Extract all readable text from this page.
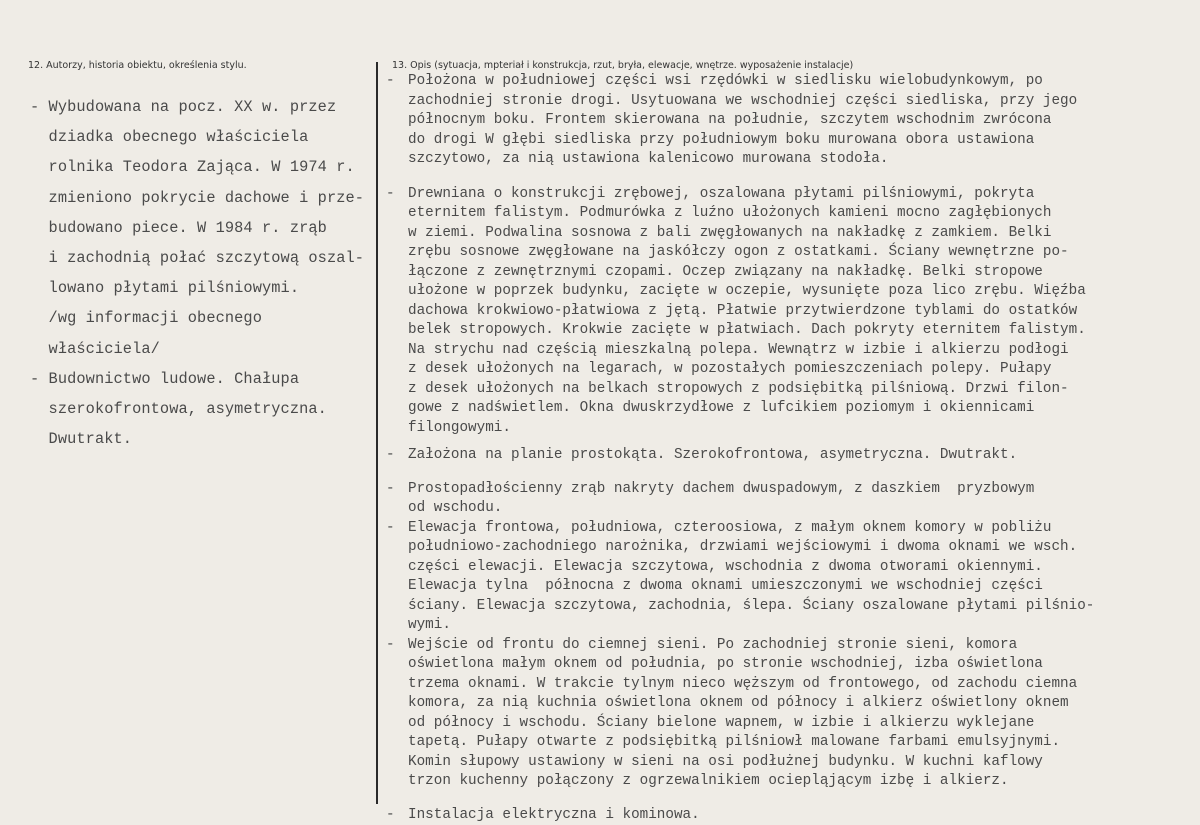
12. Autorzy, historia obiektu, określenia stylu.	13. Opis (sytuacja, mpteriał i konstrukcja, rzut, bryła, elewacje, wnętrze. wyposażenie instalacje)

- Wybudowana na pocz. XX w. przez

dziadka obecnego właściciela

rolnika Teodora Zająca. W 1974 r.

zmieniono pokrycie dachowe i prze-

budowano piece. W 1984 r. zrąb

i zachodnią połać szczytową oszal-

lowano płytami pilśniowymi.

/wg informacji obecnego

właściciela/

- Budownictwo ludowe. Chałupa

szerokofrontowa, asymetryczna.

Dwutrakt.

- Położona w południowej części wsi rzędówki w siedlisku wielobudynkowym, po

zachodniej stronie drogi. Usytuowana we wschodniej części siedliska, przy jego

północnym boku. Frontem skierowana na południe, szczytem wschodnim zwrócona

do drogi W głębi siedliska przy południowym boku murowana obora ustawiona

szczytowo, za nią ustawiona kalenicowo murowana stodoła.

- Drewniana o konstrukcji zrębowej, oszalowana płytami pilśniowymi, pokryta

eternitem falistym. Podmurówka z luźno ułożonych kamieni mocno zagłębionych

w ziemi. Podwalina sosnowa z bali zwęgłowanych na nakładkę z zamkiem. Belki

zrębu sosnowe zwęgłowane na jaskółczy ogon z ostatkami. Ściany wewnętrzne po-

łączone z zewnętrznymi czopami. Oczep związany na nakładkę. Belki stropowe

ułożone w poprzek budynku, zacięte w oczepie, wysunięte poza lico zrębu. Więźba

dachowa krokwiowo-płatwiowa z jętą. Płatwie przytwierdzone tyblami do ostatków

belek stropowych. Krokwie zacięte w płatwiach. Dach pokryty eternitem falistym.

Na strychu nad częścią mieszkalną polepa. Wewnątrz w izbie i alkierzu podłogi

z desek ułożonych na legarach, w pozostałych pomieszczeniach polepy. Pułapy

z desek ułożonych na belkach stropowych z podsiębitką pilśniową. Drzwi filon-

gowe z nadświetlem. Okna dwuskrzydłowe z lufcikiem poziomym i okiennicami

filongowymi.

- Założona na planie prostokąta. Szerokofrontowa, asymetryczna. Dwutrakt.

- Prostopadłościenny zrąb nakryty dachem dwuspadowym, z daszkiem  pryzbowym

od wschodu.

- Elewacja frontowa, południowa, czteroosiowa, z małym oknem komory w pobliżu

południowo-zachodniego narożnika, drzwiami wejściowymi i dwoma oknami we wsch.

części elewacji. Elewacja szczytowa, wschodnia z dwoma otworami okiennymi.

Elewacja tylna  północna z dwoma oknami umieszczonymi we wschodniej części

ściany. Elewacja szczytowa, zachodnia, ślepa. Ściany oszalowane płytami pilśnio-

wymi.

- Wejście od frontu do ciemnej sieni. Po zachodniej stronie sieni, komora

oświetlona małym oknem od południa, po stronie wschodniej, izba oświetlona

trzema oknami. W trakcie tylnym nieco węższym od frontowego, od zachodu ciemna

komora, za nią kuchnia oświetlona oknem od północy i alkierz oświetlony oknem

od północy i wschodu. Ściany bielone wapnem, w izbie i alkierzu wyklejane

tapetą. Pułapy otwarte z podsiębitką pilśniowł malowane farbami emulsyjnymi.

Komin słupowy ustawiony w sieni na osi podłużnej budynku. W kuchni kaflowy

trzon kuchenny połączony z ogrzewalnikiem ociepląjącym izbę i alkierz.

- Instalacja elektryczna i kominowa.
